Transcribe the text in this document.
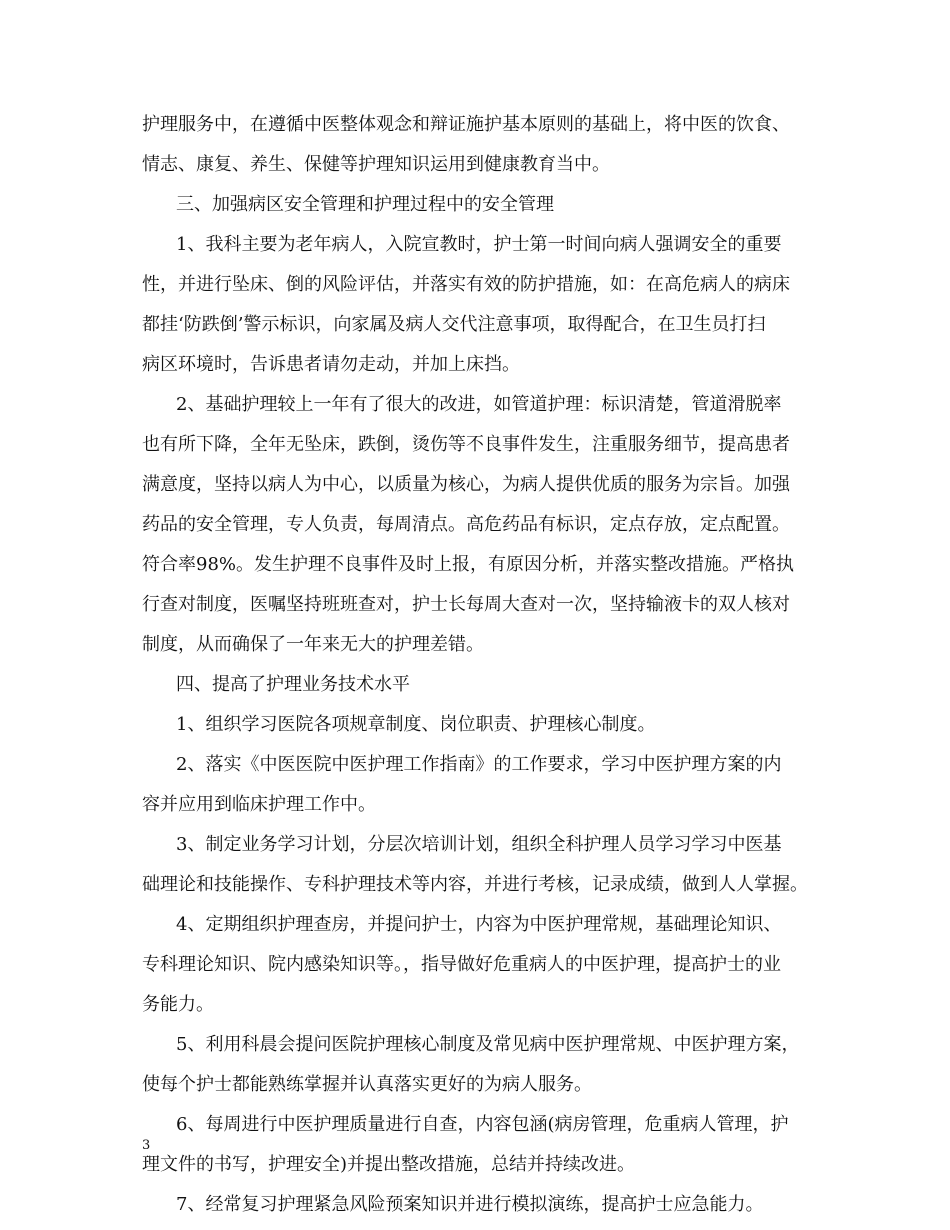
护理服务中，在遵循中医整体观念和辩证施护基本原则的基础上，将中医的饮食、
情志、康复、养生、保健等护理知识运用到健康教育当中。
三、加强病区安全管理和护理过程中的安全管理
1、我科主要为老年病人，入院宣教时，护士第一时间向病人强调安全的重要
性，并进行坠床、倒的风险评估，并落实有效的防护措施，如：在高危病人的病床
都挂‘防跌倒’警示标识，向家属及病人交代注意事项，取得配合，在卫生员打扫
病区环境时，告诉患者请勿走动，并加上床挡。
2、基础护理较上一年有了很大的改进，如管道护理：标识清楚，管道滑脱率
也有所下降，全年无坠床，跌倒，烫伤等不良事件发生，注重服务细节，提高患者
满意度，坚持以病人为中心，以质量为核心，为病人提供优质的服务为宗旨。加强
药品的安全管理，专人负责，每周清点。高危药品有标识，定点存放，定点配置。
符合率98%。发生护理不良事件及时上报，有原因分析，并落实整改措施。严格执
行查对制度，医嘱坚持班班查对，护士长每周大查对一次，坚持输液卡的双人核对
制度，从而确保了一年来无大的护理差错。
四、提高了护理业务技术水平
1、组织学习医院各项规章制度、岗位职责、护理核心制度。
2、落实《中医医院中医护理工作指南》的工作要求，学习中医护理方案的内
容并应用到临床护理工作中。
3、制定业务学习计划，分层次培训计划，组织全科护理人员学习学习中医基
础理论和技能操作、专科护理技术等内容，并进行考核，记录成绩，做到人人掌握。
4、定期组织护理查房，并提问护士，内容为中医护理常规，基础理论知识、
专科理论知识、院内感染知识等。，指导做好危重病人的中医护理，提高护士的业
务能力。
5、利用科晨会提问医院护理核心制度及常见病中医护理常规、中医护理方案，
使每个护士都能熟练掌握并认真落实更好的为病人服务。
6、每周进行中医护理质量进行自查，内容包涵(病房管理，危重病人管理，护
理文件的书写，护理安全)并提出整改措施，总结并持续改进。
7、经常复习护理紧急风险预案知识并进行模拟演练，提高护士应急能力。
3
